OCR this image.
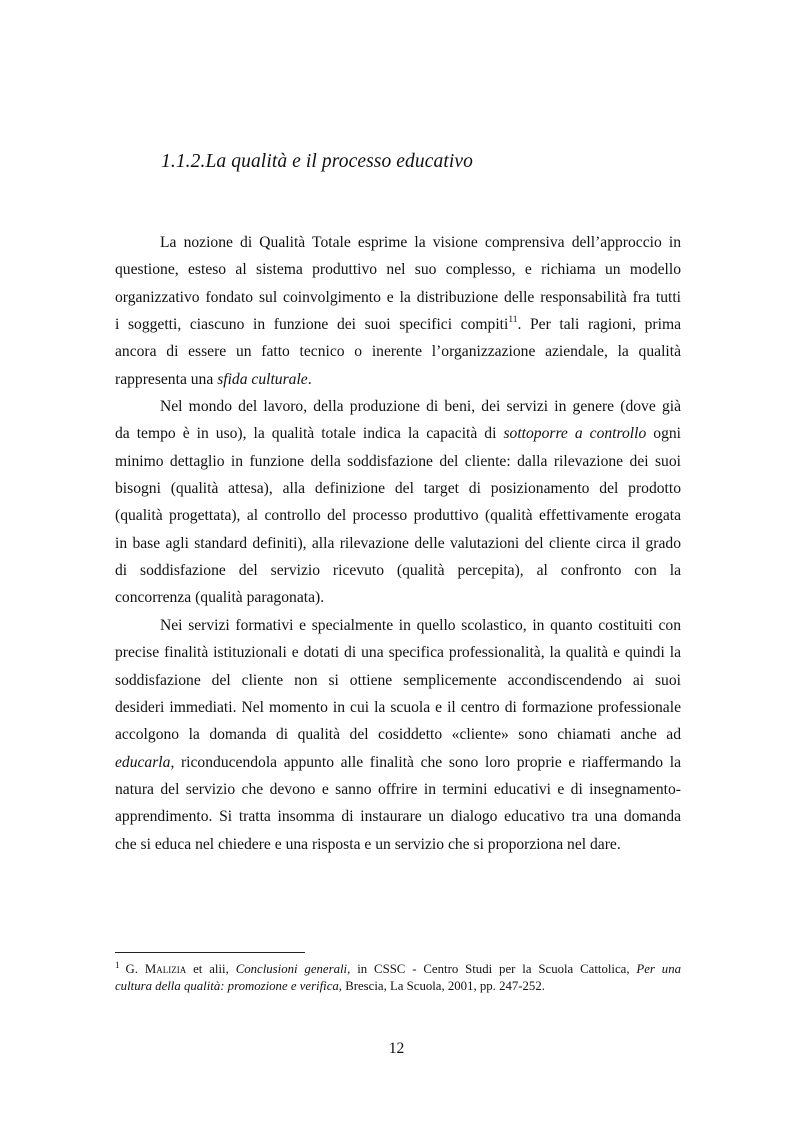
1.1.2.La qualità e il processo educativo
La nozione di Qualità Totale esprime la visione comprensiva dell’approccio in
questione, esteso al sistema produttivo nel suo complesso, e richiama un modello
organizzativo fondato sul coinvolgimento e la distribuzione delle responsabilità fra tutti
i soggetti, ciascuno in funzione dei suoi specifici compiti$^{11}$. Per tali ragioni, prima
ancora di essere un fatto tecnico o inerente l’organizzazione aziendale, la qualità
rappresenta una sfida culturale.
Nel mondo del lavoro, della produzione di beni, dei servizi in genere (dove già
da tempo è in uso), la qualità totale indica la capacità di sottoporre a controllo ogni
minimo dettaglio in funzione della soddisfazione del cliente: dalla rilevazione dei suoi
bisogni (qualità attesa), alla definizione del target di posizionamento del prodotto
(qualità progettata), al controllo del processo produttivo (qualità effettivamente erogata
in base agli standard definiti), alla rilevazione delle valutazioni del cliente circa il grado
di soddisfazione del servizio ricevuto (qualità percepita), al confronto con la
concorrenza (qualità paragonata).
Nei servizi formativi e specialmente in quello scolastico, in quanto costituiti con
precise finalità istituzionali e dotati di una specifica professionalità, la qualità e quindi la
soddisfazione del cliente non si ottiene semplicemente accondiscendendo ai suoi
desideri immediati. Nel momento in cui la scuola e il centro di formazione professionale
accolgono la domanda di qualità del cosiddetto «cliente» sono chiamati anche ad
educarla, riconducendola appunto alle finalità che sono loro proprie e riaffermando la
natura del servizio che devono e sanno offrire in termini educativi e di insegnamento-
apprendimento. Si tratta insomma di instaurare un dialogo educativo tra una domanda
che si educa nel chiedere e una risposta e un servizio che si proporziona nel dare.
$^1$ G. Malizia et alii, Conclusioni generali, in CSSC - Centro Studi per la Scuola Cattolica, Per una
cultura della qualità: promozione e verifica, Brescia, La Scuola, 2001, pp. 247-252.
12
